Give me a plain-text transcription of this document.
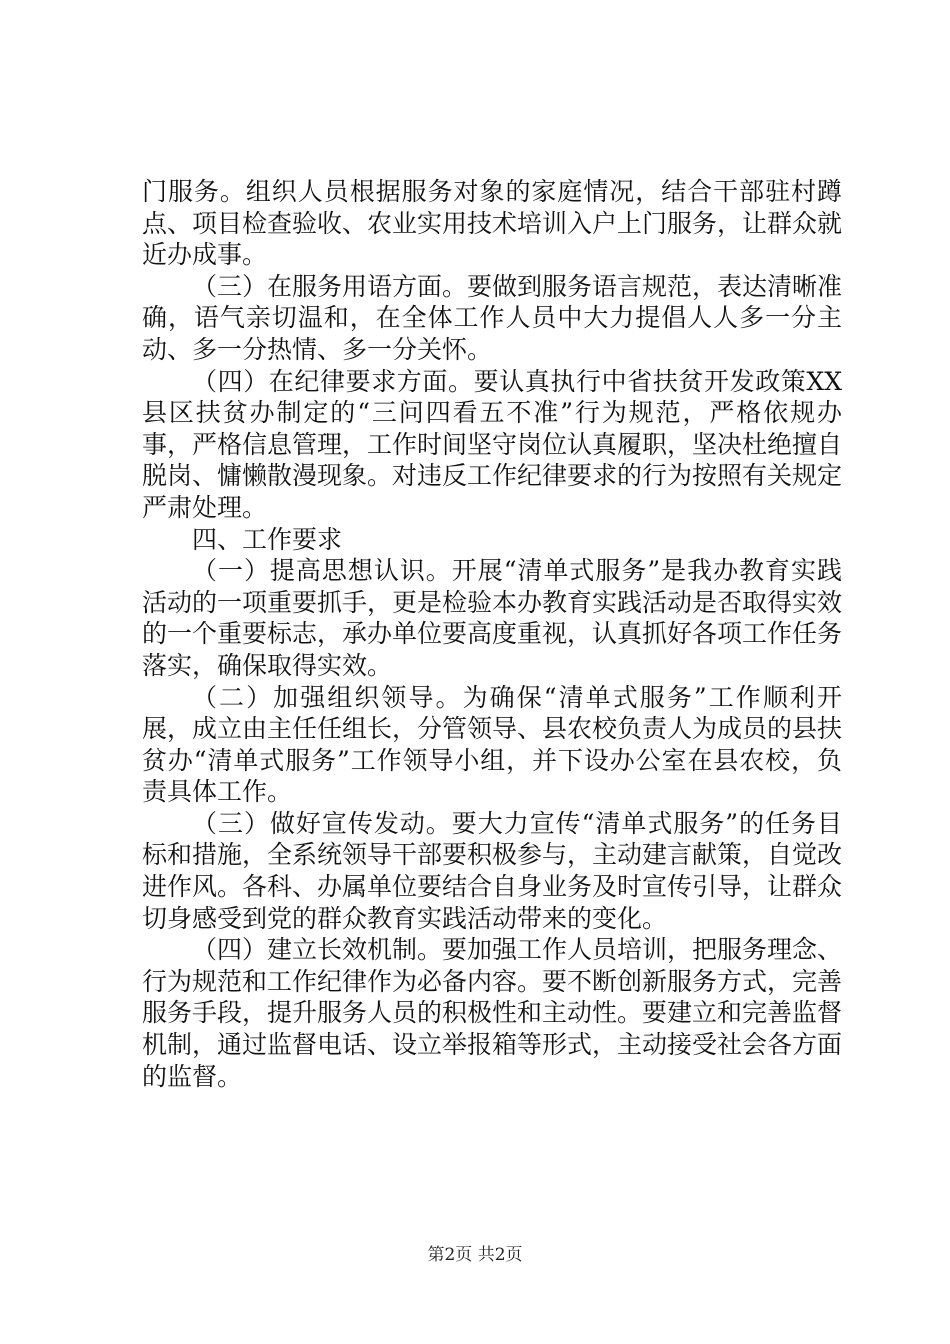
门服务。组织人员根据服务对象的家庭情况，结合干部驻村蹲点、项目检查验收、农业实用技术培训入户上门服务，让群众就近办成事。

（三）在服务用语方面。要做到服务语言规范，表达清晰准确，语气亲切温和，在全体工作人员中大力提倡人人多一分主动、多一分热情、多一分关怀。

（四）在纪律要求方面。要认真执行中省扶贫开发政策XX县区扶贫办制定的“三问四看五不准”行为规范，严格依规办事，严格信息管理，工作时间坚守岗位认真履职，坚决杜绝擅自脱岗、慵懒散漫现象。对违反工作纪律要求的行为按照有关规定严肃处理。

四、工作要求

（一）提高思想认识。开展“清单式服务”是我办教育实践活动的一项重要抓手，更是检验本办教育实践活动是否取得实效的一个重要标志，承办单位要高度重视，认真抓好各项工作任务落实，确保取得实效。

（二）加强组织领导。为确保“清单式服务”工作顺利开展，成立由主任任组长，分管领导、县农校负责人为成员的县扶贫办“清单式服务”工作领导小组，并下设办公室在县农校，负责具体工作。

（三）做好宣传发动。要大力宣传“清单式服务”的任务目标和措施，全系统领导干部要积极参与，主动建言献策，自觉改进作风。各科、办属单位要结合自身业务及时宣传引导，让群众切身感受到党的群众教育实践活动带来的变化。

（四）建立长效机制。要加强工作人员培训，把服务理念、行为规范和工作纪律作为必备内容。要不断创新服务方式，完善服务手段，提升服务人员的积极性和主动性。要建立和完善监督机制，通过监督电话、设立举报箱等形式，主动接受社会各方面的监督。

第2页 共2页
